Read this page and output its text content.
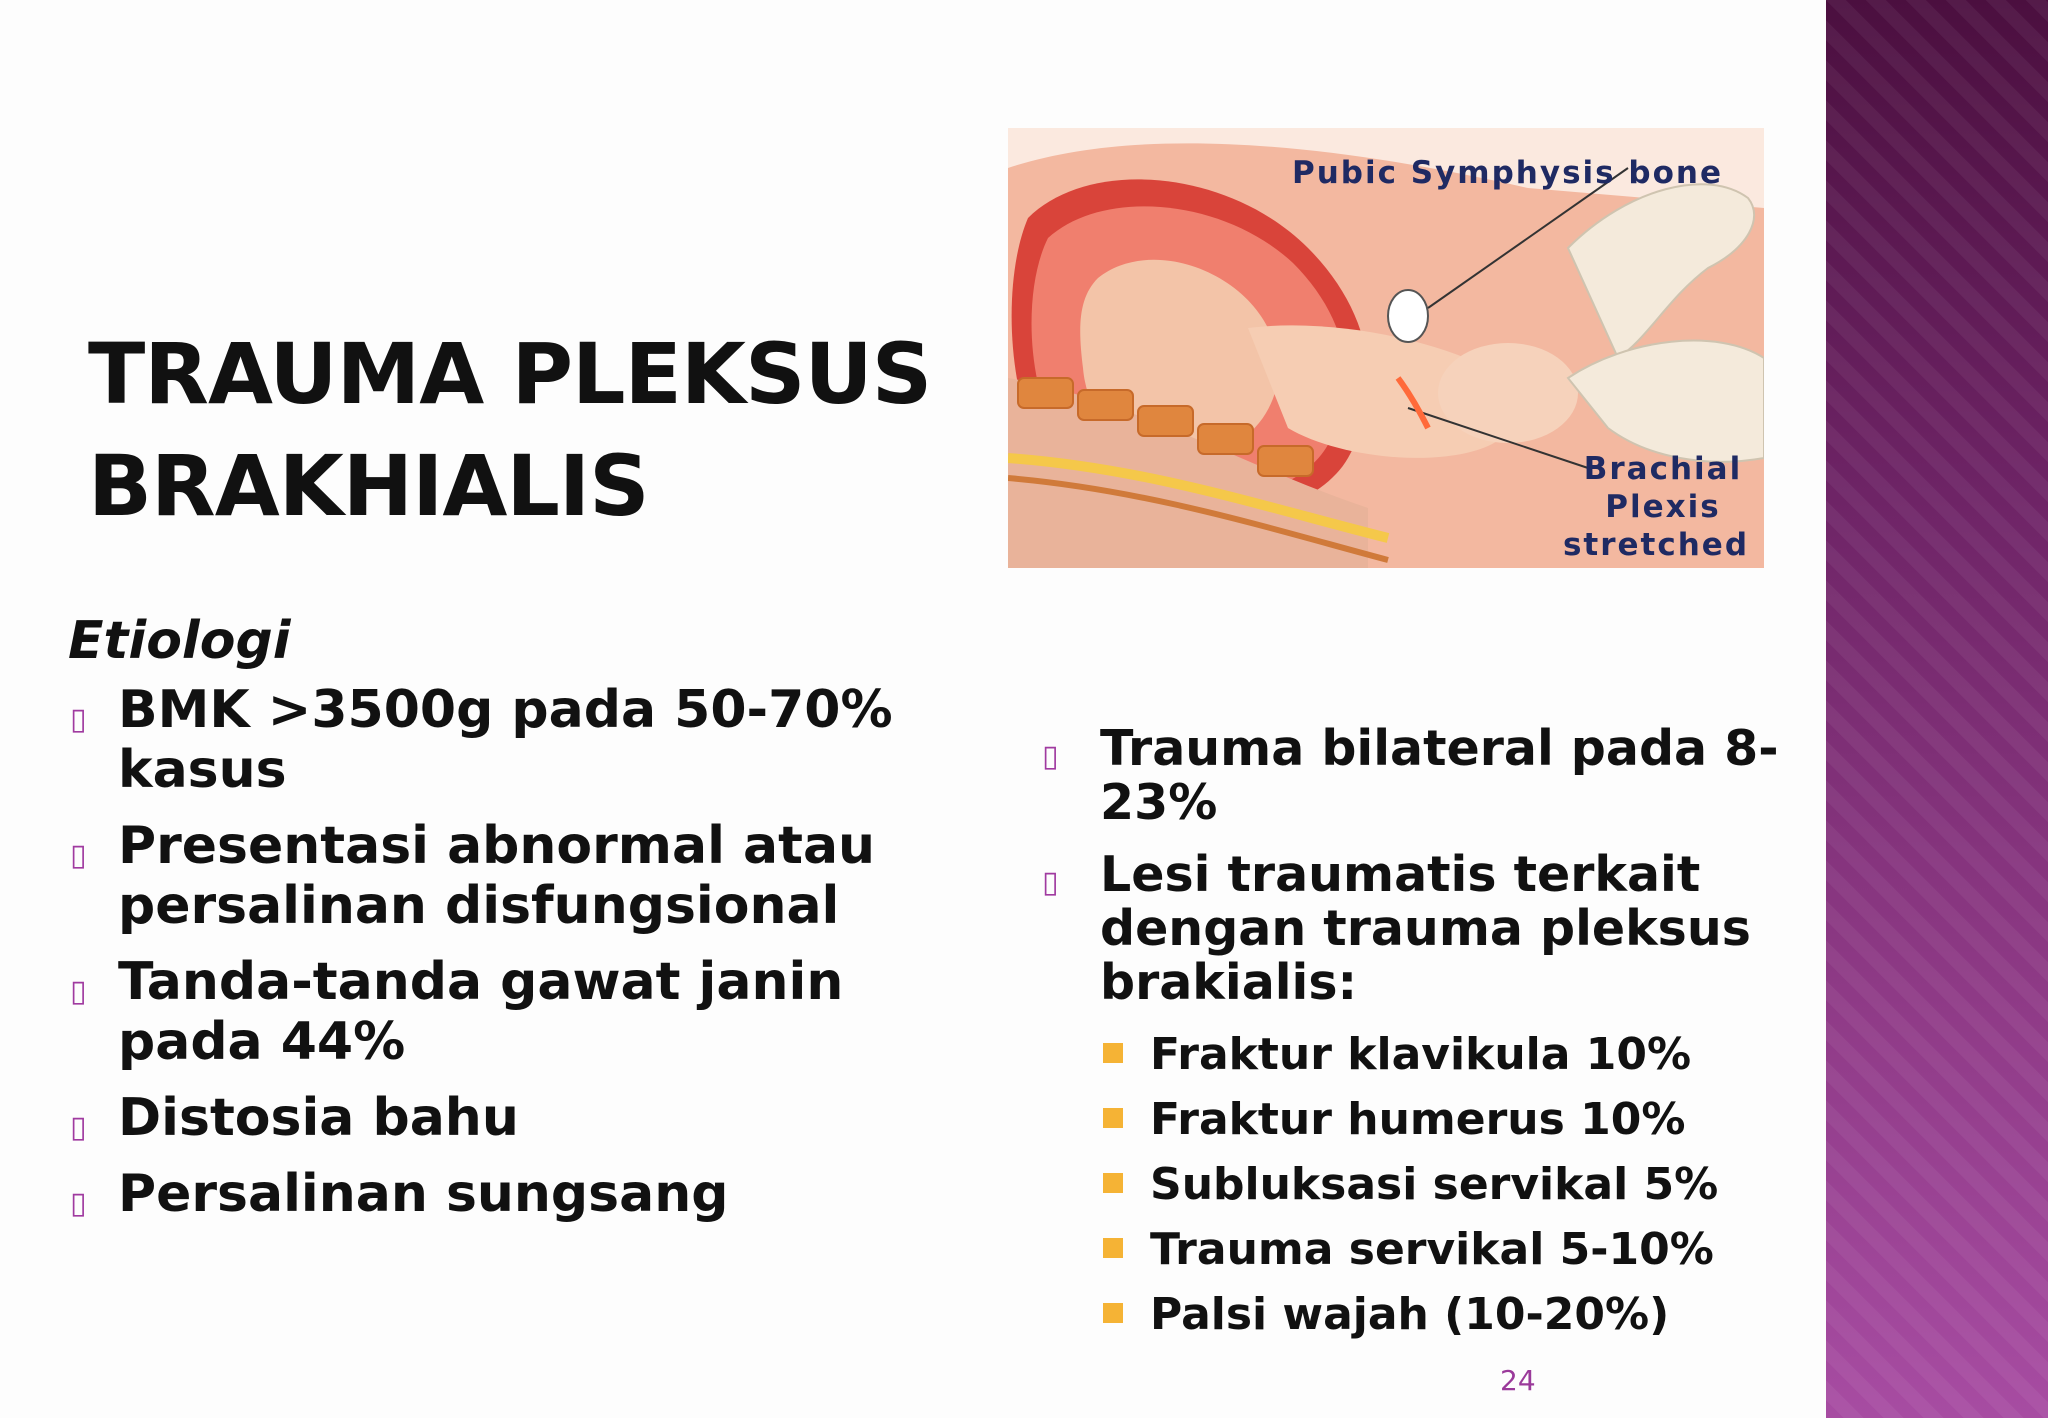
TRAUMA PLEKSUS
BRAKHIALIS
Pubic Symphysis bone
Brachial
Plexis
stretched
Etiologi
▯ BMK >3500g pada 50-70% kasus
▯ Presentasi abnormal atau persalinan disfungsional
▯ Tanda-tanda gawat janin pada 44%
▯ Distosia bahu
▯ Persalinan sungsang
▯ Trauma bilateral pada 8-23%
▯ Lesi traumatis terkait dengan trauma pleksus brakialis:
Fraktur klavikula 10%
Fraktur humerus 10%
Subluksasi servikal 5%
Trauma servikal 5-10%
Palsi wajah (10-20%)
24
